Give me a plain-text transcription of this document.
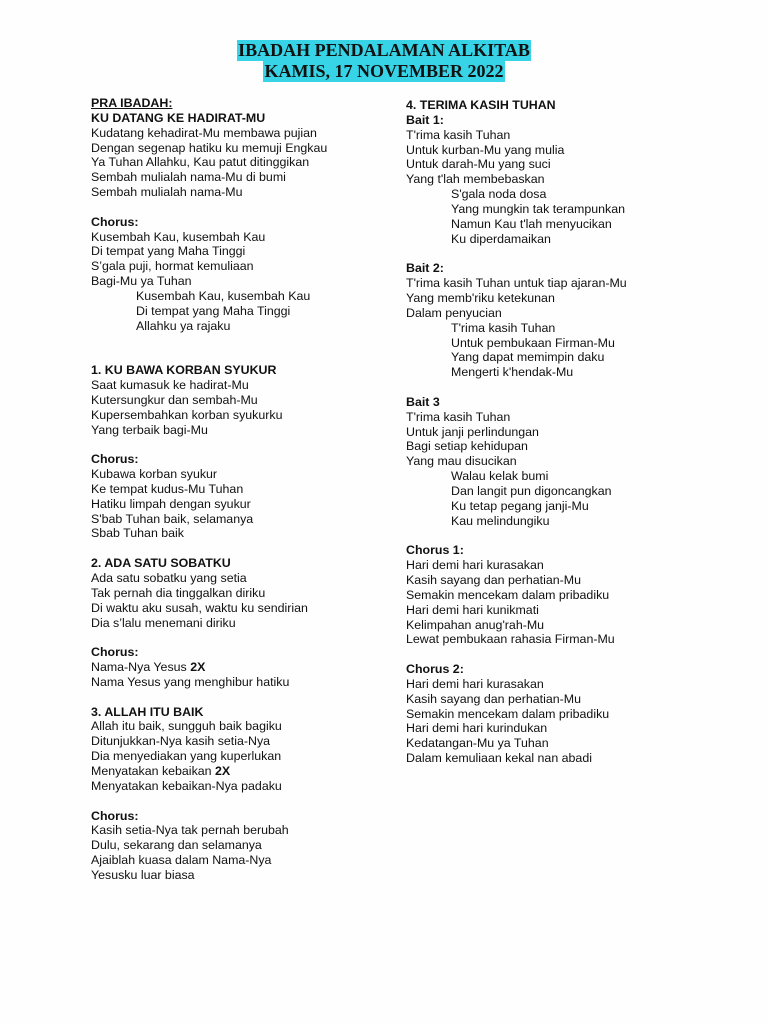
IBADAH PENDALAMAN ALKITAB
KAMIS, 17 NOVEMBER 2022
PRA IBADAH:
KU DATANG KE HADIRAT-MU
Kudatang kehadirat-Mu membawa pujian
Dengan segenap hatiku ku memuji Engkau
Ya Tuhan Allahku, Kau patut ditinggikan
Sembah mulialah nama-Mu di bumi
Sembah mulialah nama-Mu
Chorus:
Kusembah Kau, kusembah Kau
Di tempat yang Maha Tinggi
S’gala puji, hormat kemuliaan
Bagi-Mu ya Tuhan
Kusembah Kau, kusembah Kau
Di tempat yang Maha Tinggi
Allahku ya rajaku
1. KU BAWA KORBAN SYUKUR
Saat kumasuk ke hadirat-Mu
Kutersungkur dan sembah-Mu
Kupersembahkan korban syukurku
Yang terbaik bagi-Mu
Chorus:
Kubawa korban syukur
Ke tempat kudus-Mu Tuhan
Hatiku limpah dengan syukur
S'bab Tuhan baik, selamanya
Sbab Tuhan baik
2. ADA SATU SOBATKU
Ada satu sobatku yang setia
Tak pernah dia tinggalkan diriku
Di waktu aku susah, waktu ku sendirian
Dia s’lalu menemani diriku
Chorus:
Nama-Nya Yesus 2X
Nama Yesus yang menghibur hatiku
3. ALLAH ITU BAIK
Allah itu baik, sungguh baik bagiku
Ditunjukkan-Nya kasih setia-Nya
Dia menyediakan yang kuperlukan
Menyatakan kebaikan 2X
Menyatakan kebaikan-Nya padaku
Chorus:
Kasih setia-Nya tak pernah berubah
Dulu, sekarang dan selamanya
Ajaiblah kuasa dalam Nama-Nya
Yesusku luar biasa
4. TERIMA KASIH TUHAN
Bait 1:
T'rima kasih Tuhan
Untuk kurban-Mu yang mulia
Untuk darah-Mu yang suci
Yang t'lah membebaskan
S'gala noda dosa
Yang mungkin tak terampunkan
Namun Kau t'lah menyucikan
Ku diperdamaikan
Bait 2:
T'rima kasih Tuhan untuk tiap ajaran-Mu
Yang memb'riku ketekunan
Dalam penyucian
T'rima kasih Tuhan
Untuk pembukaan Firman-Mu
Yang dapat memimpin daku
Mengerti k'hendak-Mu
Bait 3
T'rima kasih Tuhan
Untuk janji perlindungan
Bagi setiap kehidupan
Yang mau disucikan
Walau kelak bumi
Dan langit pun digoncangkan
Ku tetap pegang janji-Mu
Kau melindungiku
Chorus 1:
Hari demi hari kurasakan
Kasih sayang dan perhatian-Mu
Semakin mencekam dalam pribadiku
Hari demi hari kunikmati
Kelimpahan anug'rah-Mu
Lewat pembukaan rahasia Firman-Mu
Chorus 2:
Hari demi hari kurasakan
Kasih sayang dan perhatian-Mu
Semakin mencekam dalam pribadiku
Hari demi hari kurindukan
Kedatangan-Mu ya Tuhan
Dalam kemuliaan kekal nan abadi
